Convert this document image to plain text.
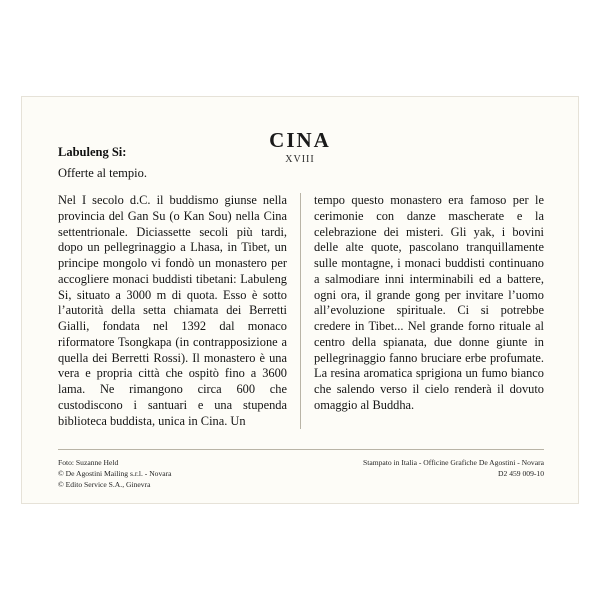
CINA
XVIII
Labuleng Si:
Offerte al tempio.

Nel I secolo d.C. il buddismo giunse nella provincia del Gan Su (o Kan Sou) nella Cina settentrionale. Diciassette secoli più tardi, dopo un pellegrinaggio a Lhasa, in Tibet, un principe mongolo vi fondò un monastero per accogliere monaci buddisti tibetani: Labuleng Si, situato a 3000 m di quota. Esso è sotto l’autorità della setta chiamata dei Berretti Gialli, fondata nel 1392 dal monaco riformatore Tsongkapa (in contrapposizione a quella dei Berretti Rossi). Il monastero è una vera e propria città che ospitò fino a 3600 lama. Ne rimangono circa 600 che custodiscono i santuari e una stupenda biblioteca buddista, unica in Cina. Un

tempo questo monastero era famoso per le cerimonie con danze mascherate e la celebrazione dei misteri. Gli yak, i bovini delle alte quote, pascolano tranquillamente sulle montagne, i monaci buddisti continuano a salmodiare inni interminabili ed a battere, ogni ora, il grande gong per invitare l’uomo all’evoluzione spirituale. Ci si potrebbe credere in Tibet... Nel grande forno rituale al centro della spianata, due donne giunte in pellegrinaggio fanno bruciare erbe profumate. La resina aromatica sprigiona un fumo bianco che salendo verso il cielo renderà il dovuto omaggio al Buddha.

Foto: Suzanne Held
© De Agostini Mailing s.r.l. - Novara
© Edito Service S.A., Ginevra
Stampato in Italia - Officine Grafiche De Agostini - Novara
D2 459 009-10
